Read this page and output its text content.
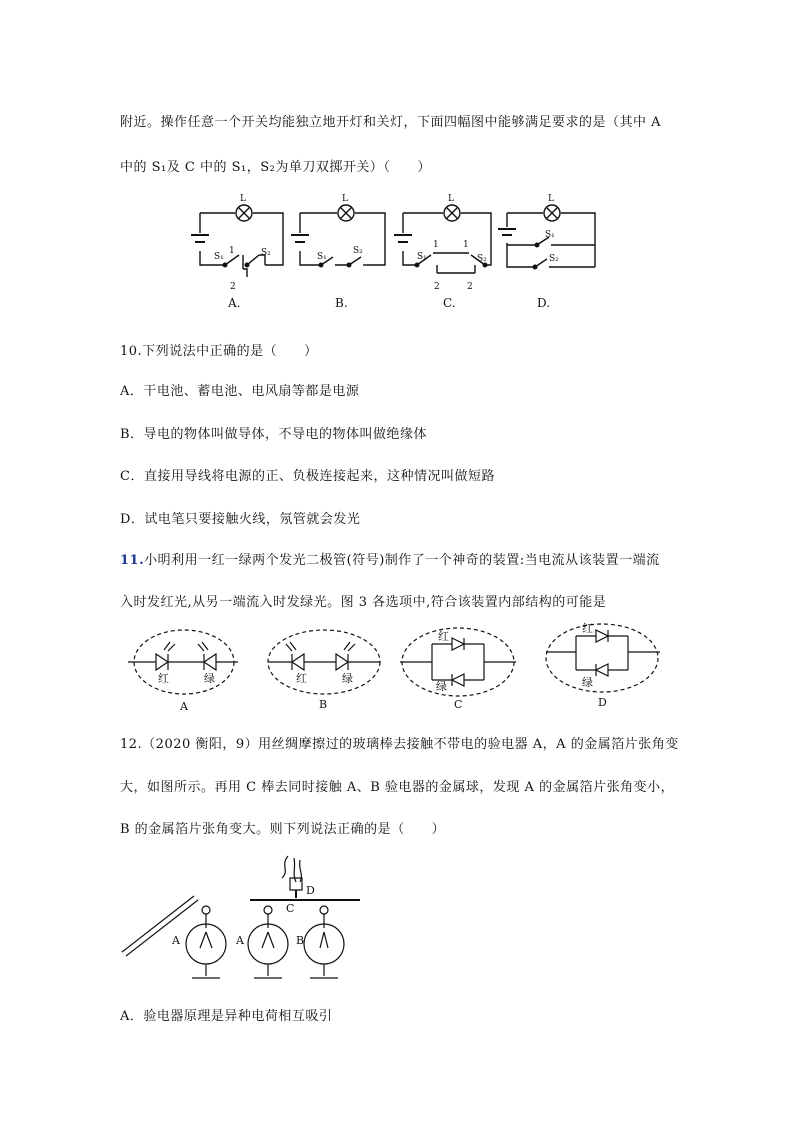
附近。操作任意一个开关均能独立地开灯和关灯，下面四幅图中能够满足要求的是（其中 A
中的 S₁及 C 中的 S₁，S₂为单刀双掷开关）（　　）
L	L	L	L
S₁
1	S₂
2
S₁
S₂
S₁
1	1
S₂
2	2
S₁
S₂
A.	B.	C.	D.
10.下列说法中正确的是（　　）
A．干电池、蓄电池、电风扇等都是电源
B．导电的物体叫做导体，不导电的物体叫做绝缘体
C．直接用导线将电源的正、负极连接起来，这种情况叫做短路
D．试电笔只要接触火线，氖管就会发光
11.小明利用一红一绿两个发光二极管(符号)制作了一个神奇的装置:当电流从该装置一端流
入时发红光,从另一端流入时发绿光。图 3 各选项中,符合该装置内部结构的可能是
红	绿	红	绿
红
绿
红
绿
A	B	C	D
12.（2020 衡阳，9）用丝绸摩擦过的玻璃棒去接触不带电的验电器 A，A 的金属箔片张角变
大，如图所示。再用 C 棒去同时接触 A、B 验电器的金属球，发现 A 的金属箔片张角变小，
B 的金属箔片张角变大。则下列说法正确的是（　　）
A	A	B
C
D
A．验电器原理是异种电荷相互吸引
